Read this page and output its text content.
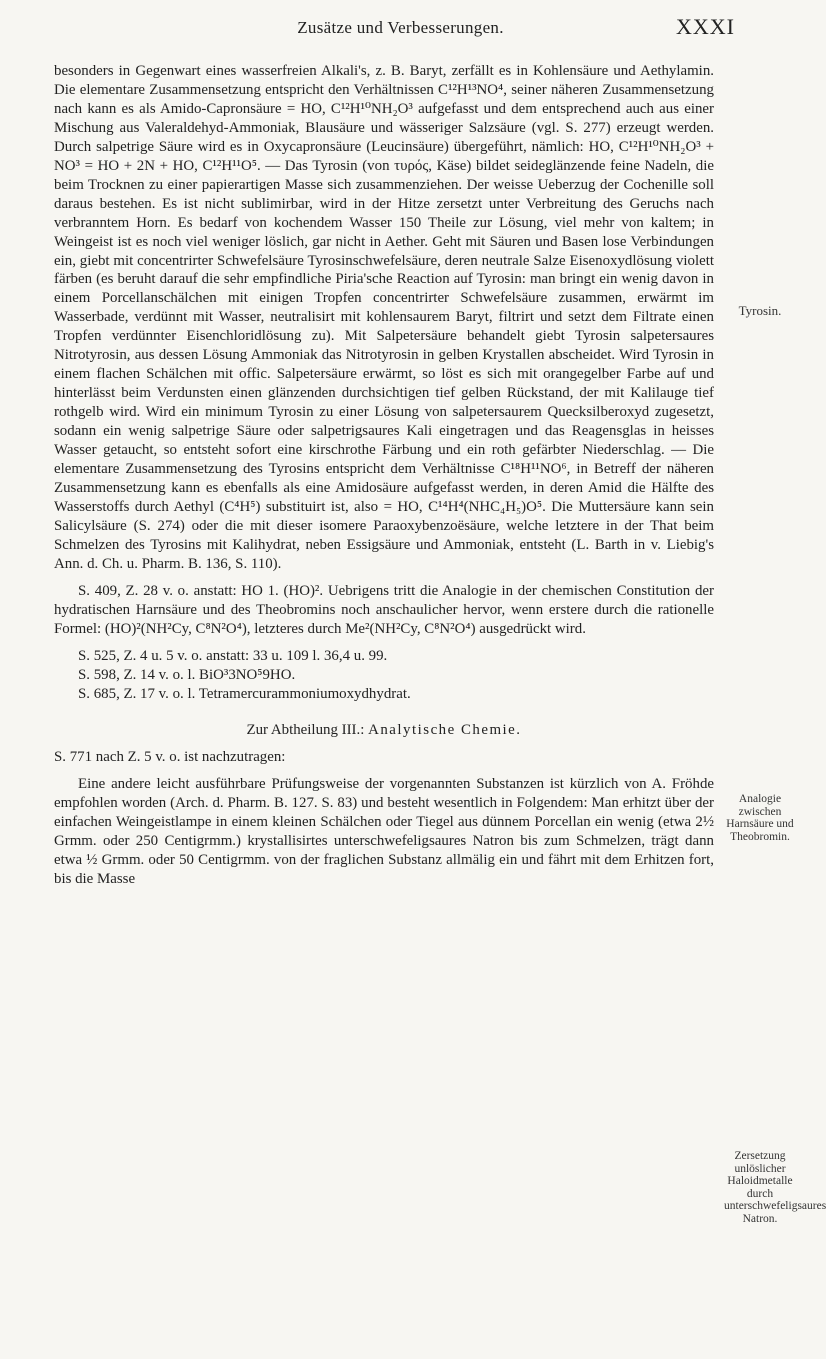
Zusätze und Verbesserungen.	XXXI

besonders in Gegenwart eines wasserfreien Alkali's, z. B. Baryt, zerfällt es in Kohlensäure und Aethylamin. Die elementare Zusammensetzung entspricht den Verhältnissen C¹²H¹³NO⁴, seiner näheren Zusammensetzung nach kann es als Amido-Capronsäure = HO, C¹²H¹⁰NH₂O³ aufgefasst und dem entsprechend auch aus einer Mischung aus Valeraldehyd-Ammoniak, Blausäure und wässeriger Salzsäure (vgl. S. 277) erzeugt werden. Durch salpetrige Säure wird es in Oxycapronsäure (Leucinsäure) übergeführt, nämlich: HO, C¹²H¹⁰NH₂O³ + NO³ = HO + 2N + HO, C¹²H¹¹O⁵. — Das Tyrosin (von τυρός, Käse) bildet seideglänzende feine Nadeln, die beim Trocknen zu einer papierartigen Masse sich zusammenziehen. Der weisse Ueberzug der Cochenille soll daraus bestehen. Es ist nicht sublimirbar, wird in der Hitze zersetzt unter Verbreitung des Geruchs nach verbranntem Horn. Es bedarf von kochendem Wasser 150 Theile zur Lösung, viel mehr von kaltem; in Weingeist ist es noch viel weniger löslich, gar nicht in Aether. Geht mit Säuren und Basen lose Verbindungen ein, giebt mit concentrirter Schwefelsäure Tyrosinschwefelsäure, deren neutrale Salze Eisenoxydlösung violett färben (es beruht darauf die sehr empfindliche Piria'sche Reaction auf Tyrosin: man bringt ein wenig davon in einem Porcellanschälchen mit einigen Tropfen concentrirter Schwefelsäure zusammen, erwärmt im Wasserbade, verdünnt mit Wasser, neutralisirt mit kohlensaurem Baryt, filtrirt und setzt dem Filtrate einen Tropfen verdünnter Eisenchloridlösung zu). Mit Salpetersäure behandelt giebt Tyrosin salpetersaures Nitrotyrosin, aus dessen Lösung Ammoniak das Nitrotyrosin in gelben Krystallen abscheidet. Wird Tyrosin in einem flachen Schälchen mit offic. Salpetersäure erwärmt, so löst es sich mit orangegelber Farbe auf und hinterlässt beim Verdunsten einen glänzenden durchsichtigen tief gelben Rückstand, der mit Kalilauge tief rothgelb wird. Wird ein minimum Tyrosin zu einer Lösung von salpetersaurem Quecksilberoxyd zugesetzt, sodann ein wenig salpetrige Säure oder salpetrigsaures Kali eingetragen und das Reagensglas in heisses Wasser getaucht, so entsteht sofort eine kirschrothe Färbung und ein roth gefärbter Niederschlag. — Die elementare Zusammensetzung des Tyrosins entspricht dem Verhältnisse C¹⁸H¹¹NO⁶, in Betreff der näheren Zusammensetzung kann es ebenfalls als eine Amidosäure aufgefasst werden, in deren Amid die Hälfte des Wasserstoffs durch Aethyl (C⁴H⁵) substituirt ist, also = HO, C¹⁴H⁴(NHC₄H₅)O⁵. Die Muttersäure kann sein Salicylsäure (S. 274) oder die mit dieser isomere Paraoxybenzoësäure, welche letztere in der That beim Schmelzen des Tyrosins mit Kalihydrat, neben Essigsäure und Ammoniak, entsteht (L. Barth in v. Liebig's Ann. d. Ch. u. Pharm. B. 136, S. 110).

S. 409, Z. 28 v. o. anstatt: HO 1. (HO)². Uebrigens tritt die Analogie in der chemischen Constitution der hydratischen Harnsäure und des Theobromins noch anschaulicher hervor, wenn erstere durch die rationelle Formel: (HO)²(NH²Cy, C⁸N²O⁴), letzteres durch Me²(NH²Cy, C⁸N²O⁴) ausgedrückt wird.

S. 525, Z. 4 u. 5 v. o. anstatt: 33 u. 109 l. 36,4 u. 99.

S. 598, Z. 14 v. o. l. BiO³3NO⁵9HO.

S. 685, Z. 17 v. o. l. Tetramercurammoniumoxydhydrat.

Zur Abtheilung III.: Analytische Chemie.

S. 771 nach Z. 5 v. o. ist nachzutragen:

Eine andere leicht ausführbare Prüfungsweise der vorgenannten Substanzen ist kürzlich von A. Fröhde empfohlen worden (Arch. d. Pharm. B. 127. S. 83) und besteht wesentlich in Folgendem: Man erhitzt über der einfachen Weingeistlampe in einem kleinen Schälchen oder Tiegel aus dünnem Porcellan ein wenig (etwa 2½ Grmm. oder 250 Centigrmm.) krystallisirtes unterschwefeligsaures Natron bis zum Schmelzen, trägt dann etwa ½ Grmm. oder 50 Centigrmm. von der fraglichen Substanz allmälig ein und fährt mit dem Erhitzen fort, bis die Masse

Tyrosin.
Analogie zwischen Harnsäure und Theobromin.
Zersetzung unlöslicher Haloidmetalle durch unterschwefeligsaures Natron.
